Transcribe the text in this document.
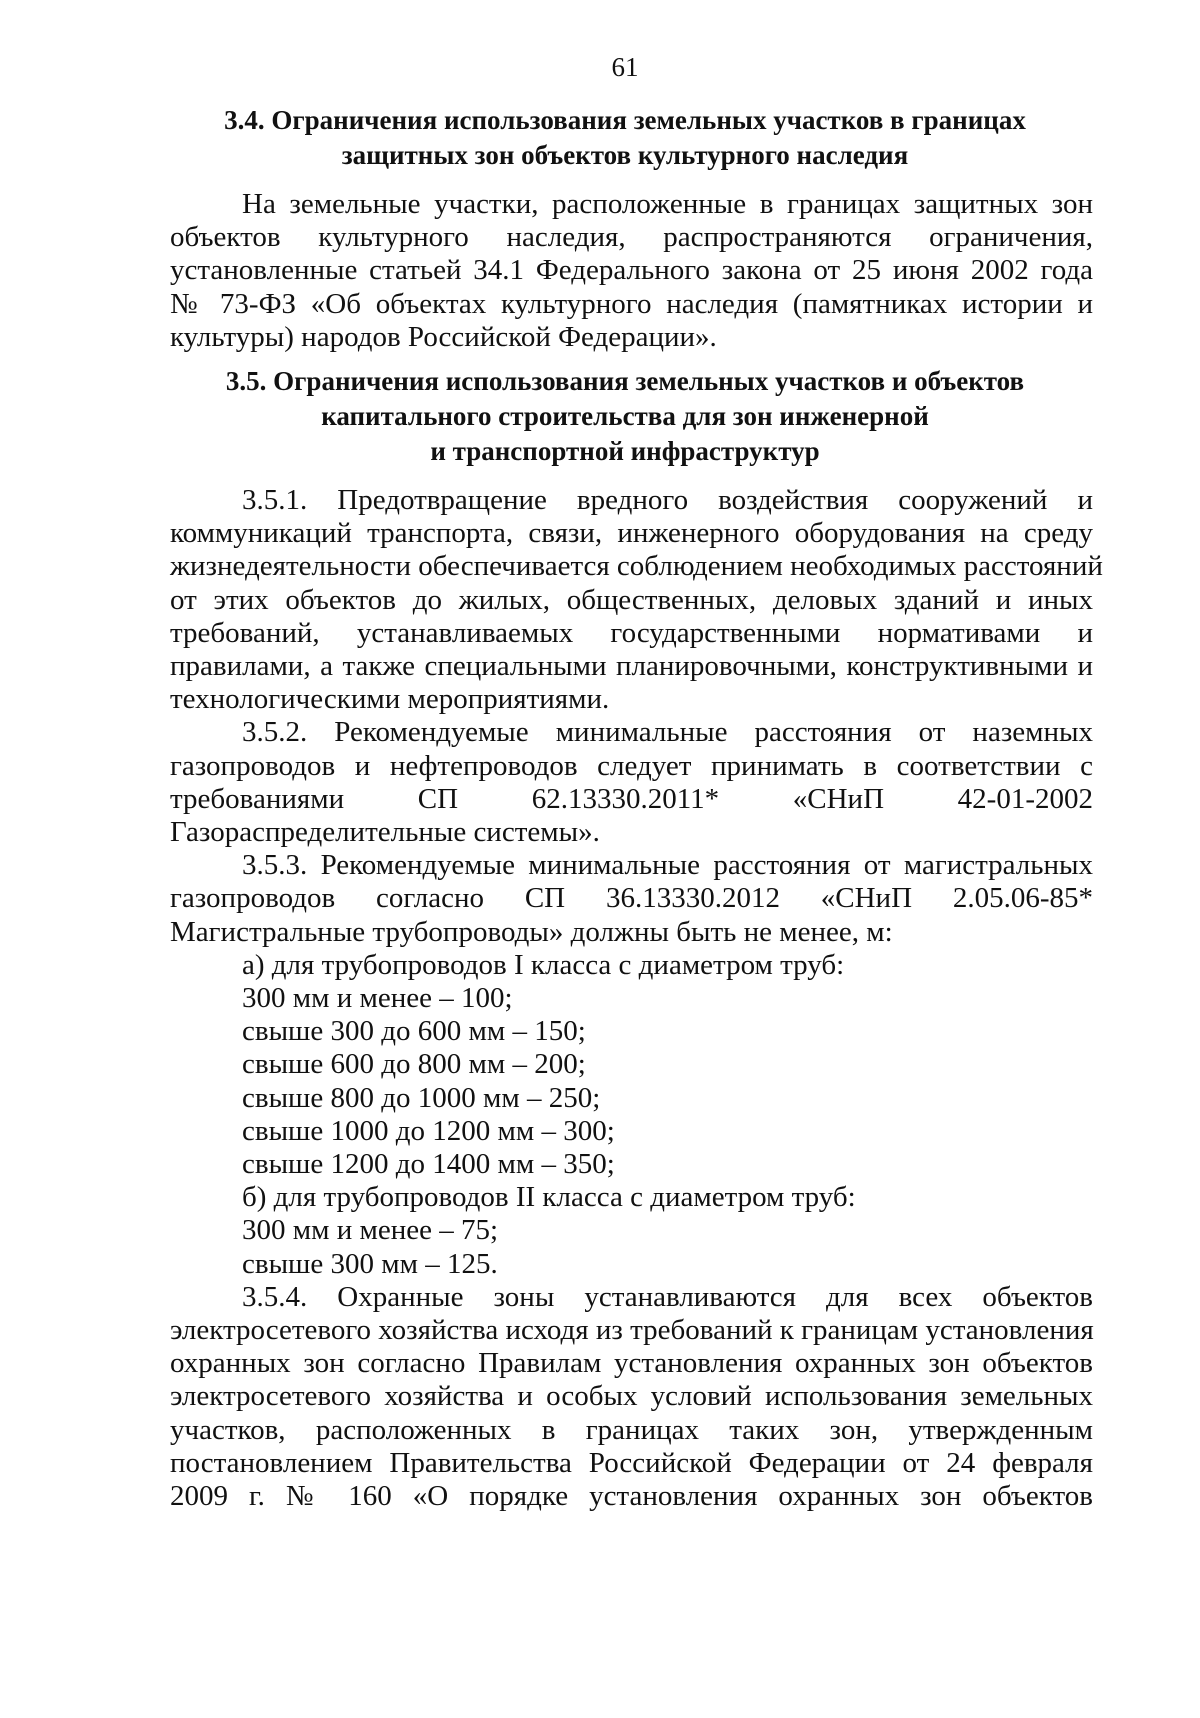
61
3.4. Ограничения использования земельных участков в границах
защитных зон объектов культурного наследия
На земельные участки, расположенные в границах защитных зон
объектов культурного наследия, распространяются ограничения,
установленные статьей 34.1 Федерального закона от 25 июня 2002 года
№ 73-ФЗ «Об объектах культурного наследия (памятниках истории и
культуры) народов Российской Федерации».
3.5. Ограничения использования земельных участков и объектов
капитального строительства для зон инженерной
и транспортной инфраструктур
3.5.1. Предотвращение вредного воздействия сооружений и
коммуникаций транспорта, связи, инженерного оборудования на среду
жизнедеятельности обеспечивается соблюдением необходимых расстояний
от этих объектов до жилых, общественных, деловых зданий и иных
требований, устанавливаемых государственными нормативами и
правилами, а также специальными планировочными, конструктивными и
технологическими мероприятиями.
3.5.2. Рекомендуемые минимальные расстояния от наземных
газопроводов и нефтепроводов следует принимать в соответствии с
требованиями СП 62.13330.2011* «СНиП 42-01-2002
Газораспределительные системы».
3.5.3. Рекомендуемые минимальные расстояния от магистральных
газопроводов согласно СП 36.13330.2012 «СНиП 2.05.06-85*
Магистральные трубопроводы» должны быть не менее, м:
а) для трубопроводов I класса с диаметром труб:
300 мм и менее – 100;
свыше 300 до 600 мм – 150;
свыше 600 до 800 мм – 200;
свыше 800 до 1000 мм – 250;
свыше 1000 до 1200 мм – 300;
свыше 1200 до 1400 мм – 350;
б) для трубопроводов II класса с диаметром труб:
300 мм и менее – 75;
свыше 300 мм – 125.
3.5.4. Охранные зоны устанавливаются для всех объектов
электросетевого хозяйства исходя из требований к границам установления
охранных зон согласно Правилам установления охранных зон объектов
электросетевого хозяйства и особых условий использования земельных
участков, расположенных в границах таких зон, утвержденным
постановлением Правительства Российской Федерации от 24 февраля
2009 г. № 160 «О порядке установления охранных зон объектов
